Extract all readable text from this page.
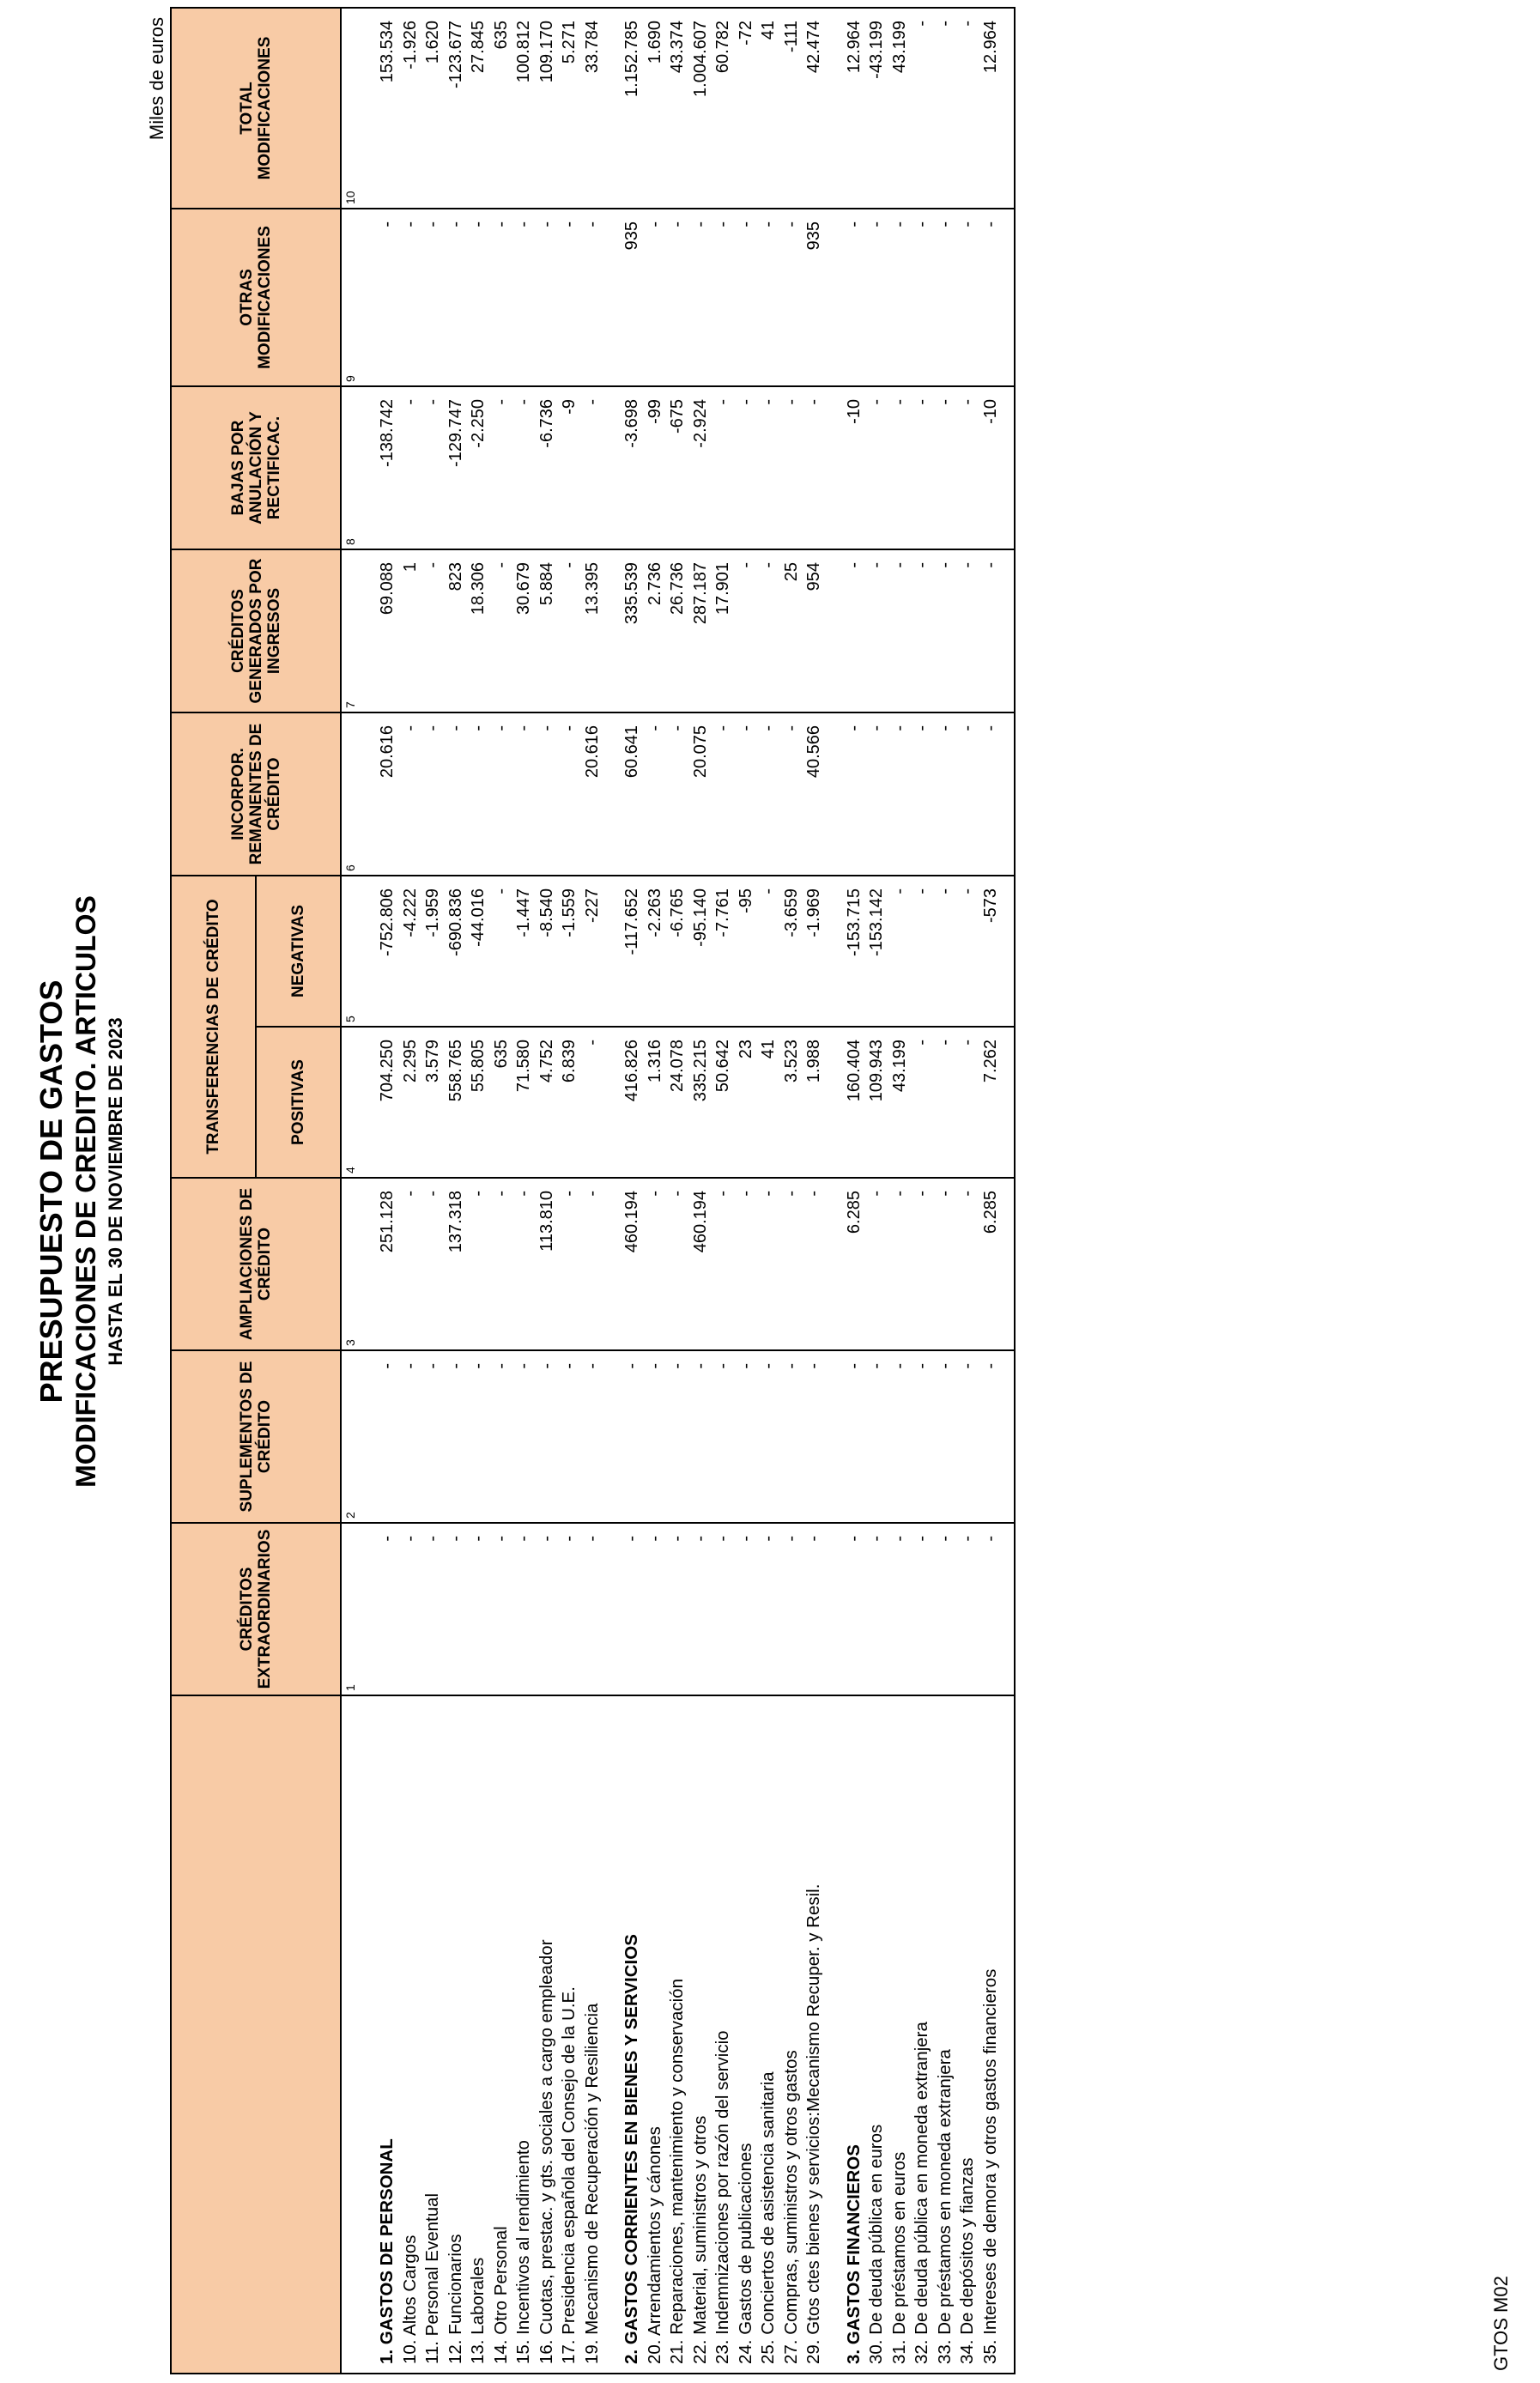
PRESUPUESTO DE GASTOS MODIFICACIONES DE CREDITO. ARTICULOS HASTA EL 30 DE NOVIEMBRE DE 2023
Miles de euros
	CRÉDITOS EXTRAORDINARIOS	SUPLEMENTOS DE CRÉDITO	AMPLIACIONES DE CRÉDITO	TRANSFERENCIAS DE CRÉDITO		INCORPOR. REMANENTES DE CRÉDITO	CRÉDITOS GENERADOS POR INGRESOS	BAJAS POR ANULACIÓN Y RECTIFICAC.	OTRAS MODIFICACIONES	TOTAL MODIFICACIONES
				POSITIVAS	NEGATIVAS					
	1	2	3	4	5	6	7	8	9	10

1. GASTOS DE PERSONAL	-	-	251.128	704.250	-752.806	20.616	69.088	-138.742	-	153.534
10. Altos Cargos	-	-	-	2.295	-4.222	-	1	-	-	-1.926
11. Personal Eventual	-	-	-	3.579	-1.959	-	-	-	-	1.620
12. Funcionarios	-	-	137.318	558.765	-690.836	-	823	-129.747	-	-123.677
13. Laborales	-	-	-	55.805	-44.016	-	18.306	-2.250	-	27.845
14. Otro Personal	-	-	-	635	-	-	-	-	-	635
15. Incentivos al rendimiento	-	-	-	71.580	-1.447	-	30.679	-	-	100.812
16. Cuotas, prestac. y gts. sociales a cargo empleador	-	-	113.810	4.752	-8.540	-	5.884	-6.736	-	109.170
17. Presidencia española del Consejo de la U.E.	-	-	-	6.839	-1.559	-	-	-9	-	5.271
19. Mecanismo de Recuperación y Resiliencia	-	-	-	-	-227	20.616	13.395	-	-	33.784

2. GASTOS CORRIENTES EN BIENES Y SERVICIOS	-	-	460.194	416.826	-117.652	60.641	335.539	-3.698	935	1.152.785
20. Arrendamientos y cánones	-	-	-	1.316	-2.263	-	2.736	-99	-	1.690
21. Reparaciones, mantenimiento y conservación	-	-	-	24.078	-6.765	-	26.736	-675	-	43.374
22. Material, suministros y otros	-	-	460.194	335.215	-95.140	20.075	287.187	-2.924	-	1.004.607
23. Indemnizaciones por razón del servicio	-	-	-	50.642	-7.761	-	17.901	-	-	60.782
24. Gastos de publicaciones	-	-	-	23	-95	-	-	-	-	-72
25. Conciertos de asistencia sanitaria	-	-	-	41	-	-	-	-	-	41
27. Compras, suministros y otros gastos	-	-	-	3.523	-3.659	-	25	-	-	-111
29. Gtos ctes bienes y servicios:Mecanismo Recuper. y Resil.	-	-	-	1.988	-1.969	40.566	954	-	935	42.474

3. GASTOS FINANCIEROS	-	-	6.285	160.404	-153.715	-	-	-10	-	12.964
30. De deuda pública en euros	-	-	-	109.943	-153.142	-	-	-	-	-43.199
31. De préstamos en euros	-	-	-	43.199	-	-	-	-	-	43.199
32. De deuda pública en moneda extranjera	-	-	-	-	-	-	-	-	-	-
33. De préstamos en moneda extranjera	-	-	-	-	-	-	-	-	-	-
34. De depósitos y fianzas	-	-	-	-	-	-	-	-	-	-
35. Intereses de demora y otros gastos financieros	-	-	6.285	7.262	-573	-	-	-10	-	12.964

GTOS M02
